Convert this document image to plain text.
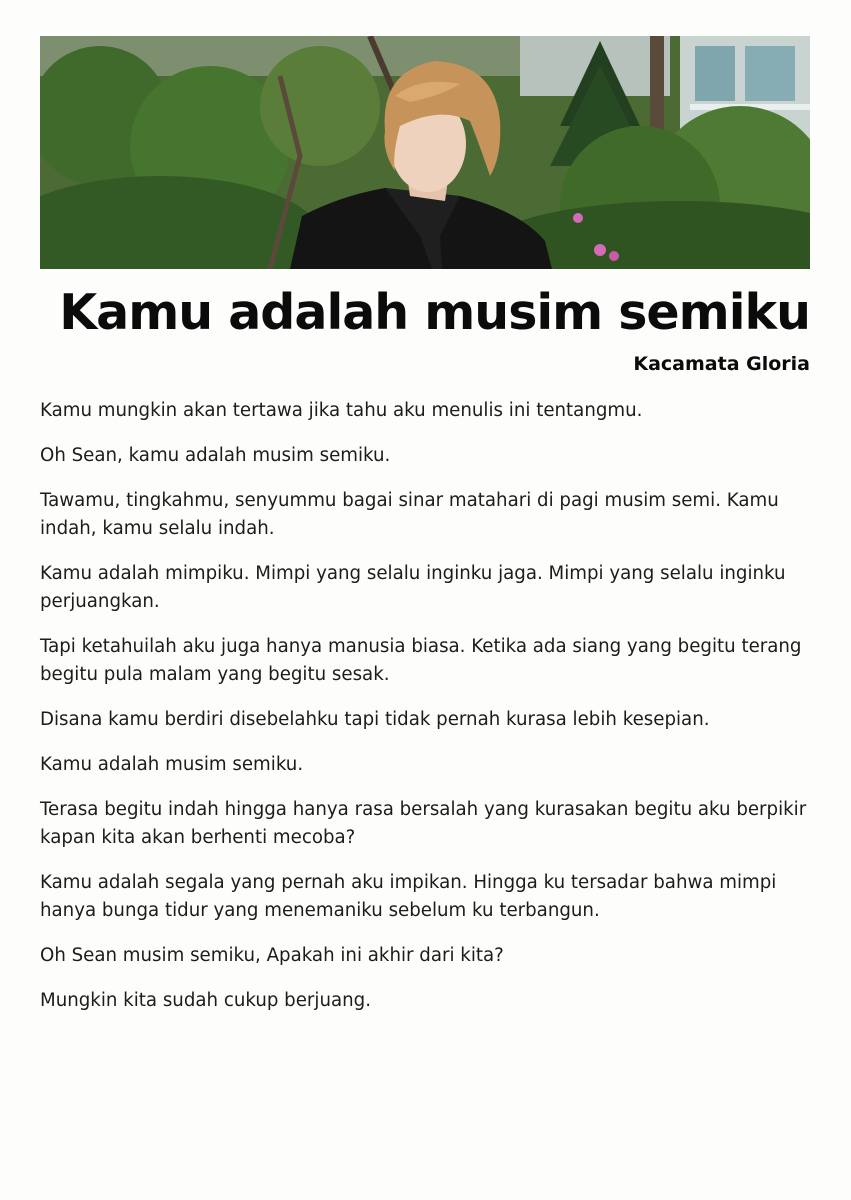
Kamu adalah musim semiku
Kacamata Gloria

Kamu mungkin akan tertawa jika tahu aku menulis ini tentangmu.

Oh Sean, kamu adalah musim semiku.

Tawamu, tingkahmu, senyummu bagai sinar matahari di pagi musim semi. Kamu indah, kamu selalu indah.

Kamu adalah mimpiku. Mimpi yang selalu inginku jaga. Mimpi yang selalu inginku perjuangkan.

Tapi ketahuilah aku juga hanya manusia biasa. Ketika ada siang yang begitu terang begitu pula malam yang begitu sesak.

Disana kamu berdiri disebelahku tapi tidak pernah kurasa lebih kesepian.

Kamu adalah musim semiku.

Terasa begitu indah hingga hanya rasa bersalah yang kurasakan begitu aku berpikir kapan kita akan berhenti mecoba?

Kamu adalah segala yang pernah aku impikan. Hingga ku tersadar bahwa mimpi hanya bunga tidur yang menemaniku sebelum ku terbangun.

Oh Sean musim semiku, Apakah ini akhir dari kita?

Mungkin kita sudah cukup berjuang.
